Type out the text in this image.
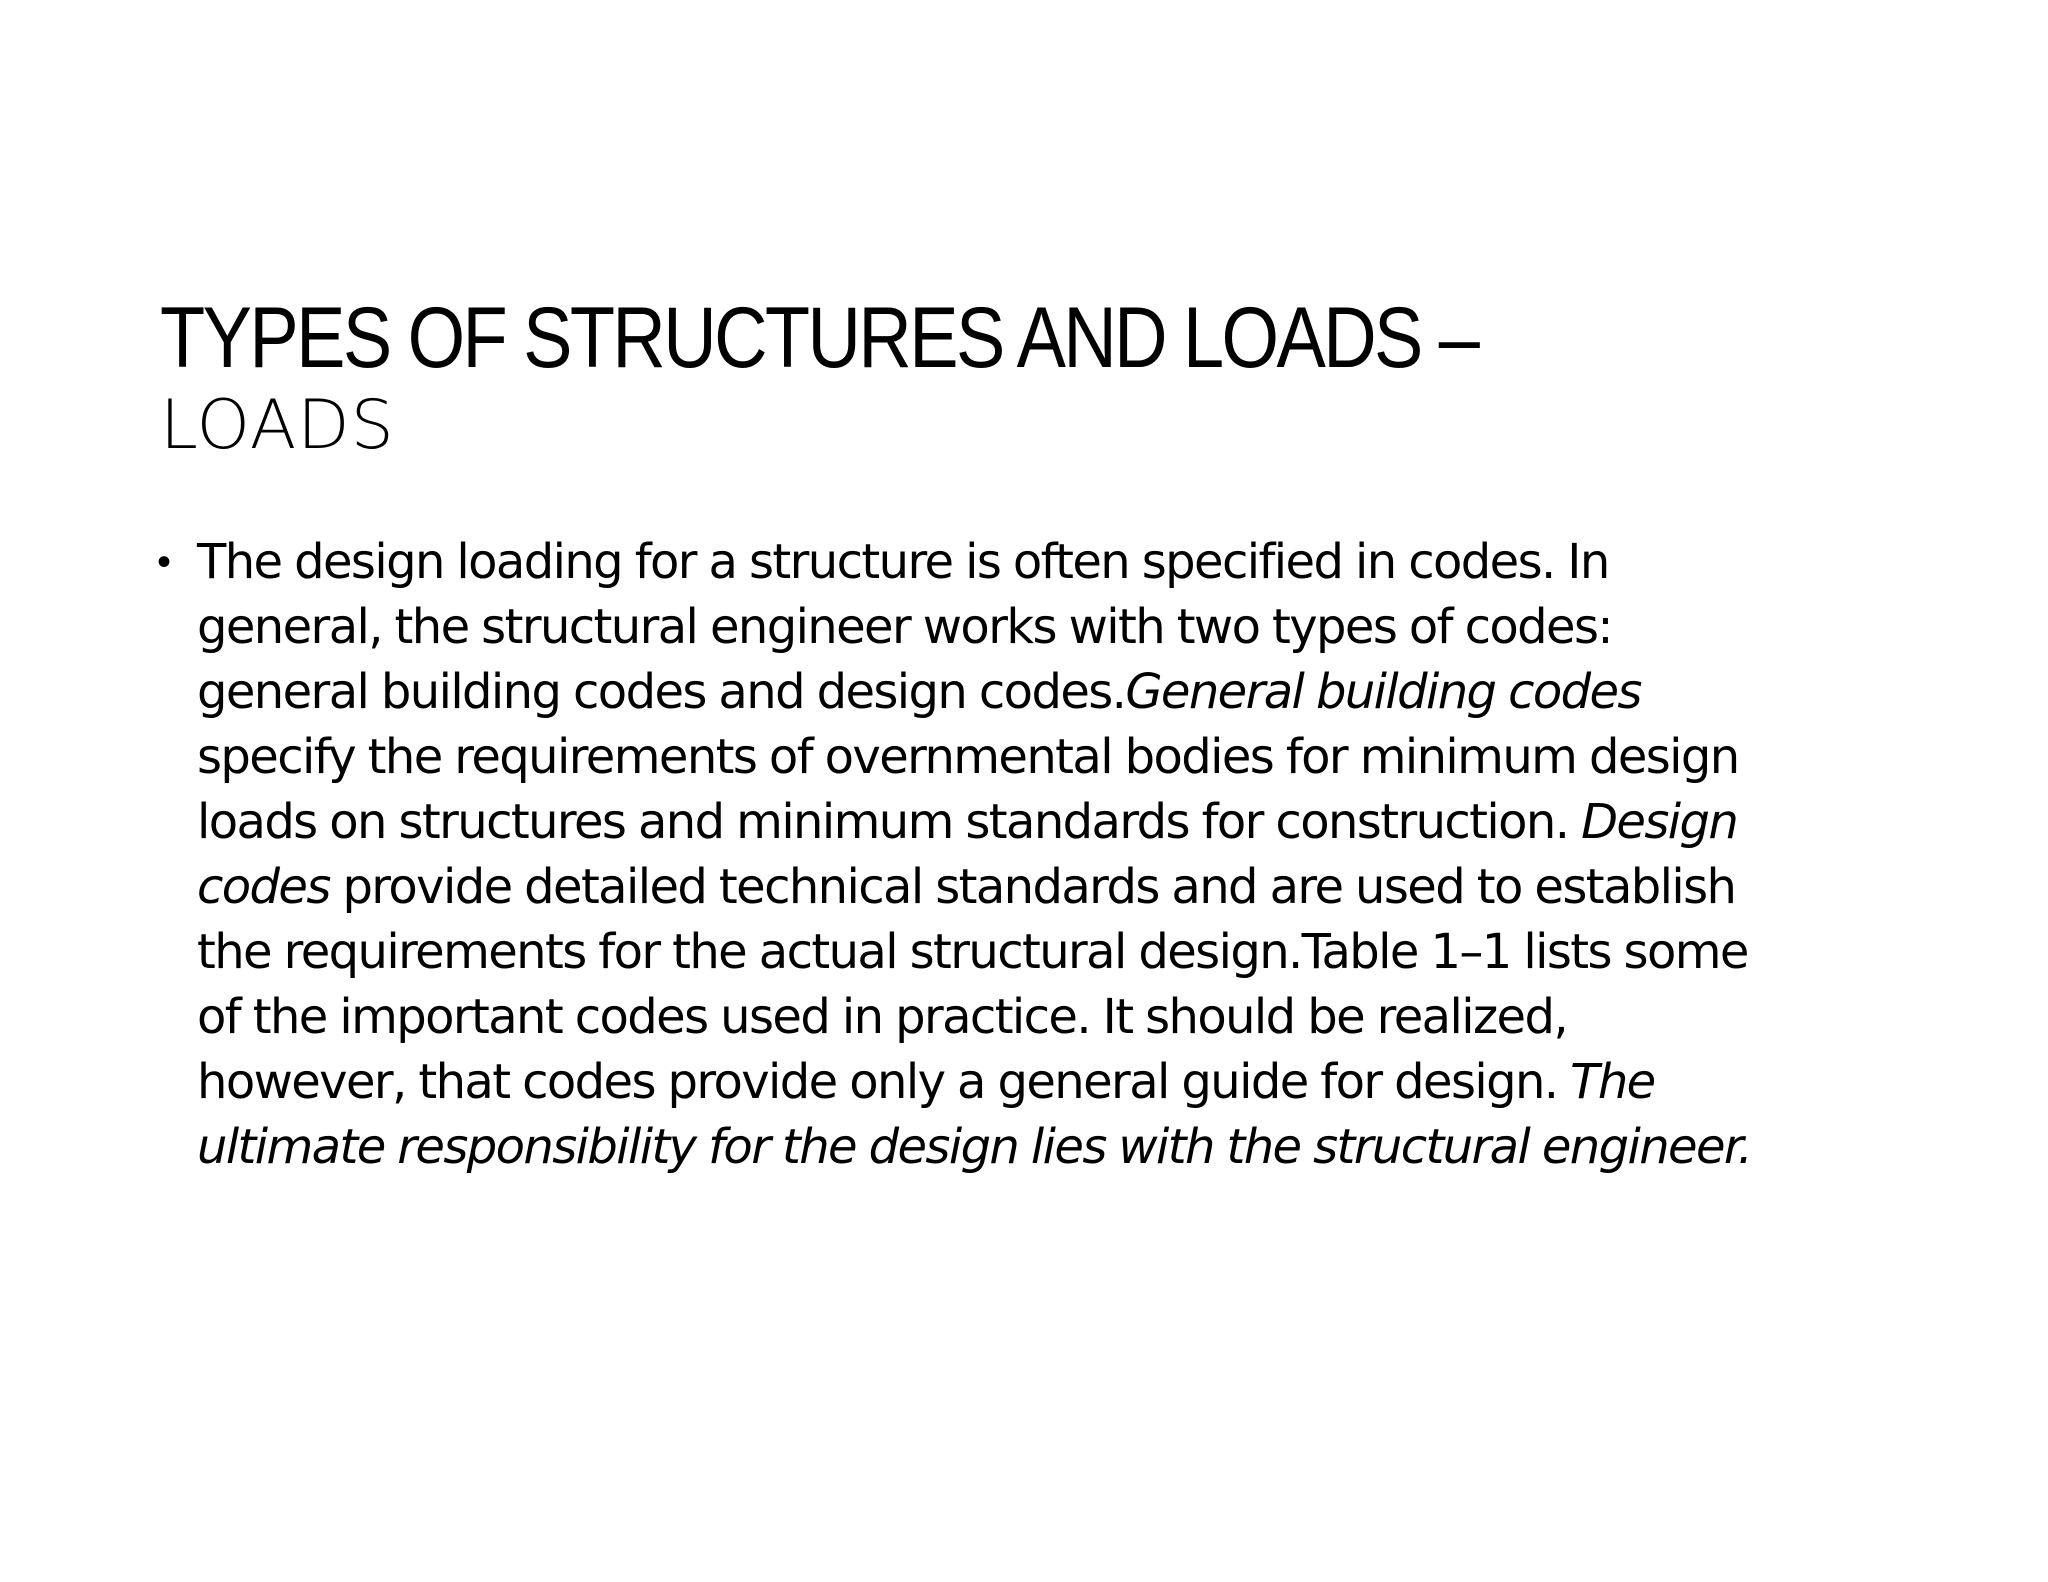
TYPES OF STRUCTURES AND LOADS –
LOADS
• The design loading for a structure is often specified in codes. In
general, the structural engineer works with two types of codes:
general building codes and design codes.General building codes
specify the requirements of overnmental bodies for minimum design
loads on structures and minimum standards for construction. Design
codes provide detailed technical standards and are used to establish
the requirements for the actual structural design.Table 1–1 lists some
of the important codes used in practice. It should be realized,
however, that codes provide only a general guide for design. The
ultimate responsibility for the design lies with the structural engineer.
